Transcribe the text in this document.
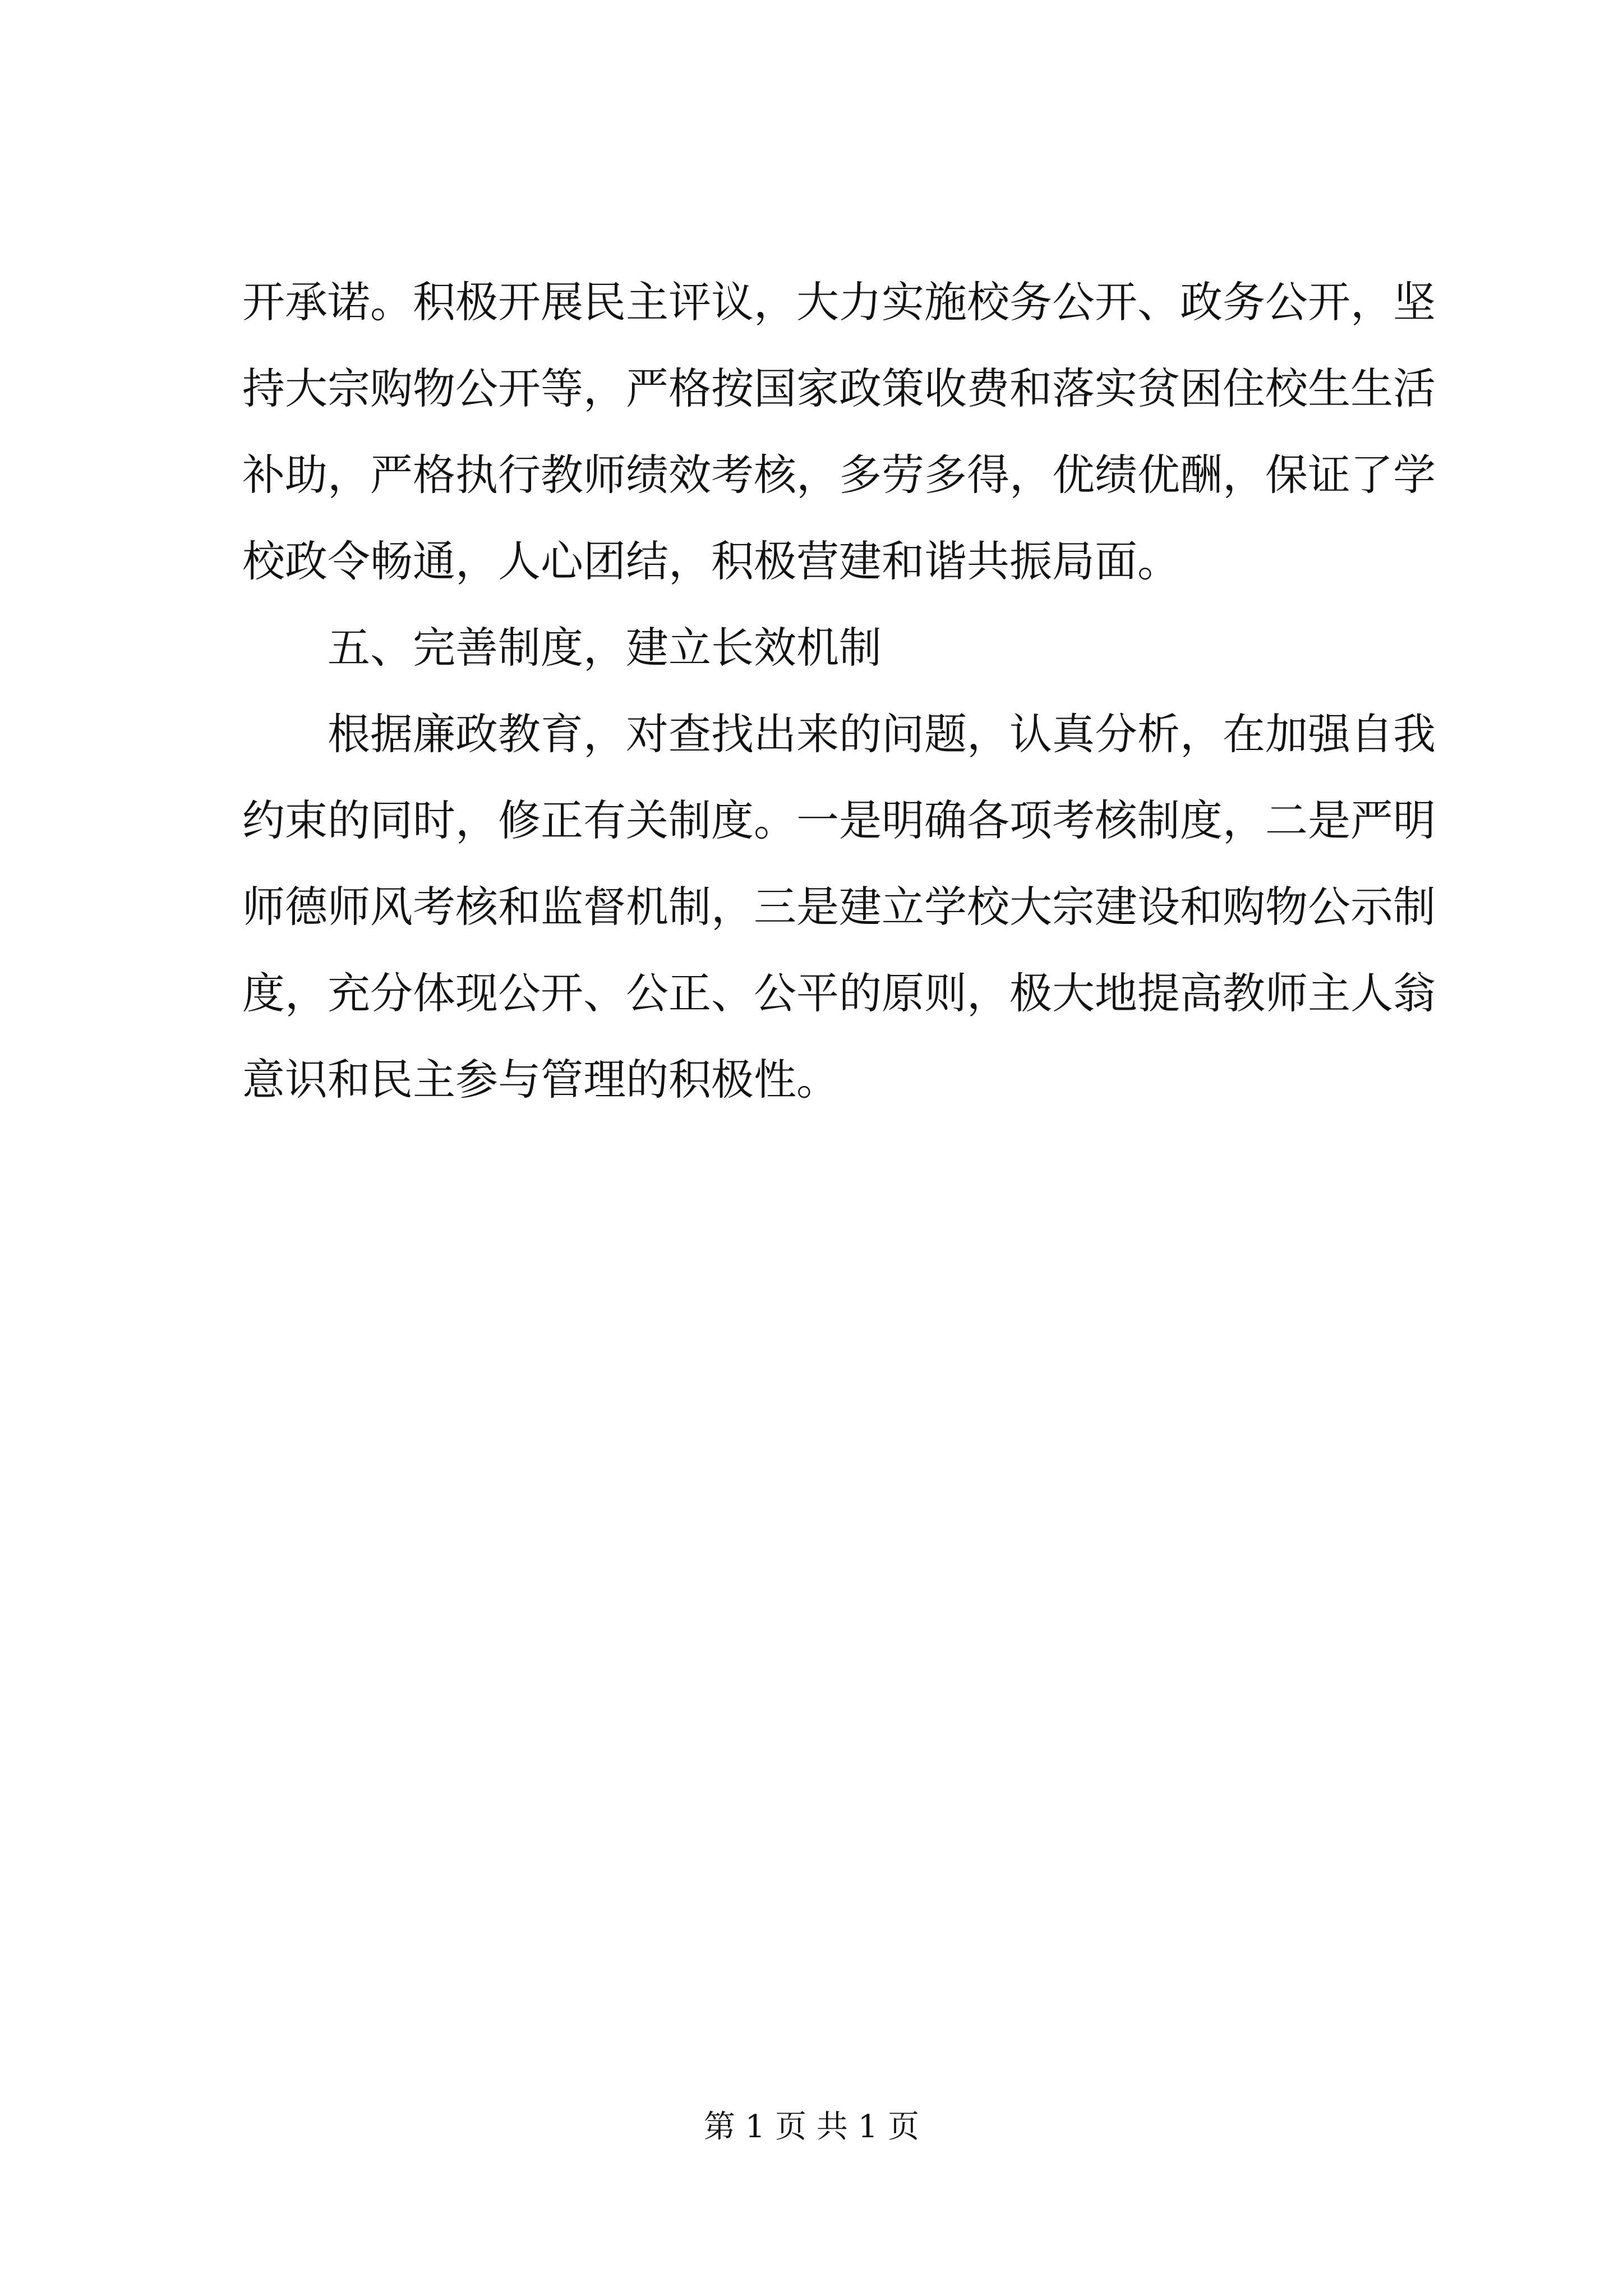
开承诺。积极开展民主评议，大力实施校务公开、政务公开，坚
持大宗购物公开等，严格按国家政策收费和落实贫困住校生生活
补助，严格执行教师绩效考核，多劳多得，优绩优酬，保证了学
校政令畅通，人心团结，积极营建和谐共振局面。
五、完善制度，建立长效机制
根据廉政教育，对查找出来的问题，认真分析，在加强自我
约束的同时，修正有关制度。一是明确各项考核制度，二是严明
师德师风考核和监督机制，三是建立学校大宗建设和购物公示制
度，充分体现公开、公正、公平的原则，极大地提高教师主人翁
意识和民主参与管理的积极性。
第 1 页 共 1 页
